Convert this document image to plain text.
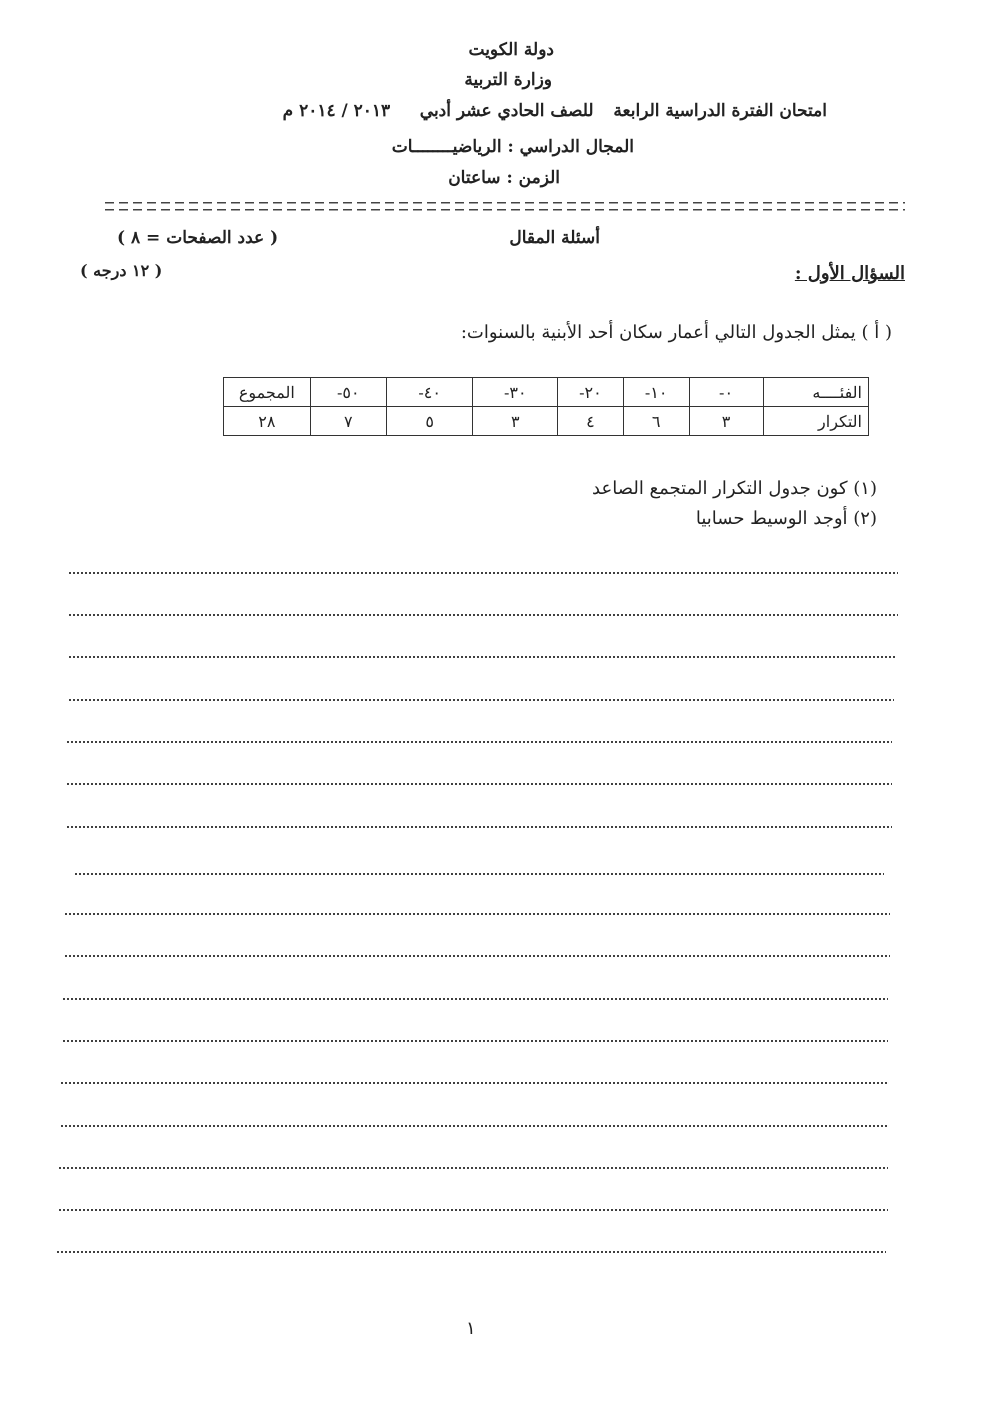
دولة الكويت
وزارة التربية
امتحان الفترة الدراسية الرابعة للصف الحادي عشر أدبي     ٢٠١٣ / ٢٠١٤ م
المجال الدراسي : الرياضيــــــــات
الزمن : ساعتان
أسئلة المقال
( عدد الصفحات = ٨ )
السؤال الأول :
( ١٢ درجه )
( أ ) يمثل الجدول التالي أعمار سكان أحد الأبنية بالسنوات:
الفئــــه	٠-	١٠-	٢٠-	٣٠-	٤٠-	٥٠-	المجموع
التكرار	٣	٦	٤	٣	٥	٧	٢٨
(١) كون جدول التكرار المتجمع الصاعد
(٢) أوجد الوسيط حسابيا
١
